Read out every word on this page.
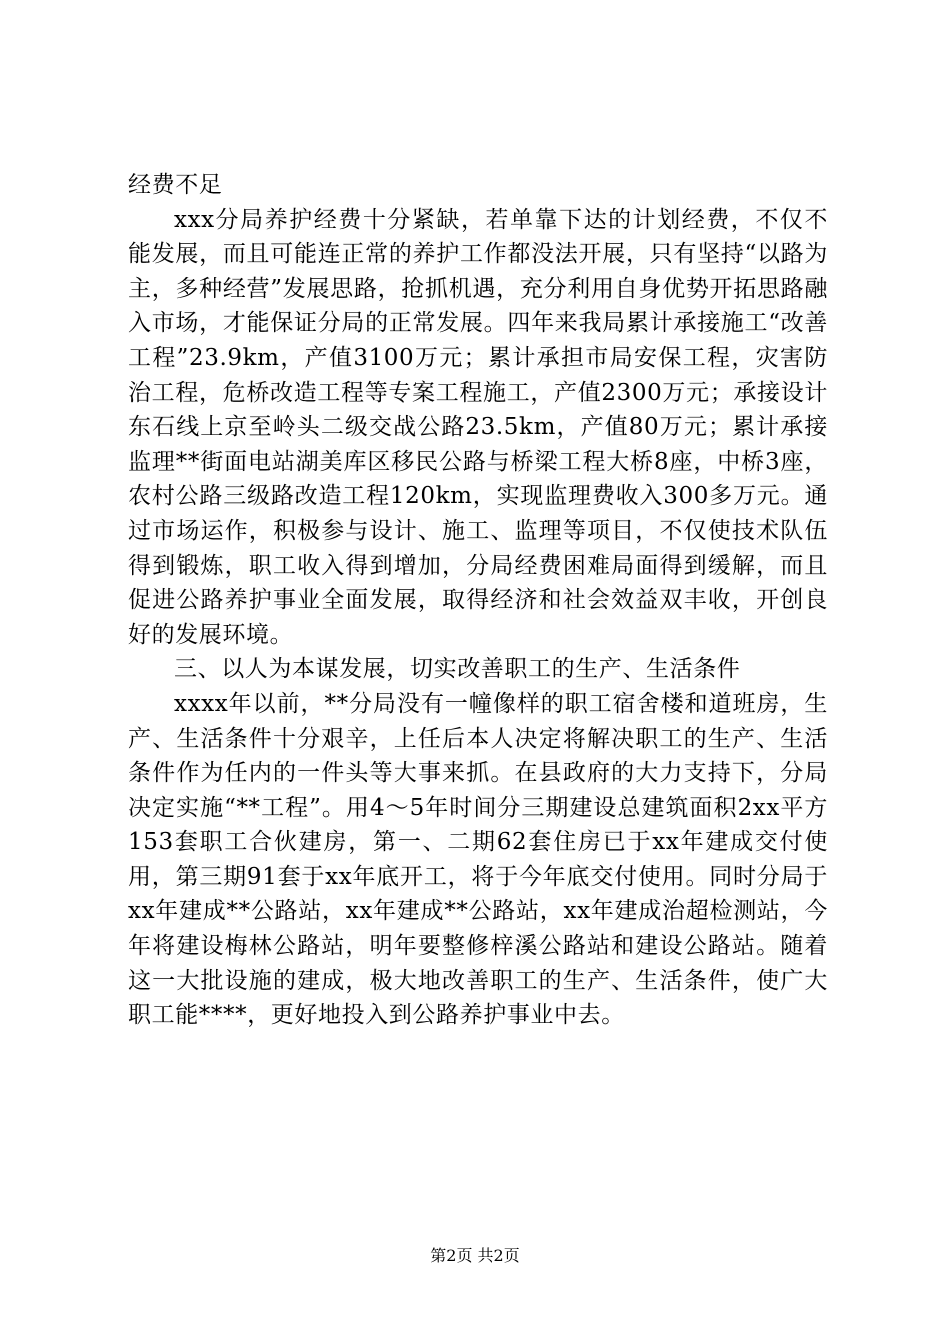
经费不足

xxx分局养护经费十分紧缺，若单靠下达的计划经费，不仅不能发展，而且可能连正常的养护工作都没法开展，只有坚持“以路为主，多种经营”发展思路，抢抓机遇，充分利用自身优势开拓思路融入市场，才能保证分局的正常发展。四年来我局累计承接施工“改善工程”23.9km，产值3100万元；累计承担市局安保工程，灾害防治工程，危桥改造工程等专案工程施工，产值2300万元；承接设计东石线上京至岭头二级交战公路23.5km，产值80万元；累计承接监理**街面电站湖美库区移民公路与桥梁工程大桥8座，中桥3座，农村公路三级路改造工程120km，实现监理费收入300多万元。通过市场运作，积极参与设计、施工、监理等项目，不仅使技术队伍得到锻炼，职工收入得到增加，分局经费困难局面得到缓解，而且促进公路养护事业全面发展，取得经济和社会效益双丰收，开创良好的发展环境。

三、以人为本谋发展，切实改善职工的生产、生活条件

xxxx年以前，**分局没有一幢像样的职工宿舍楼和道班房，生产、生活条件十分艰辛，上任后本人决定将解决职工的生产、生活条件作为任内的一件头等大事来抓。在县政府的大力支持下，分局决定实施“**工程”。用4～5年时间分三期建设总建筑面积2xx平方153套职工合伙建房，第一、二期62套住房已于xx年建成交付使用，第三期91套于xx年底开工，将于今年底交付使用。同时分局于xx年建成**公路站，xx年建成**公路站，xx年建成治超检测站，今年将建设梅林公路站，明年要整修梓溪公路站和建设公路站。随着这一大批设施的建成，极大地改善职工的生产、生活条件，使广大职工能****，更好地投入到公路养护事业中去。

第2页 共2页
